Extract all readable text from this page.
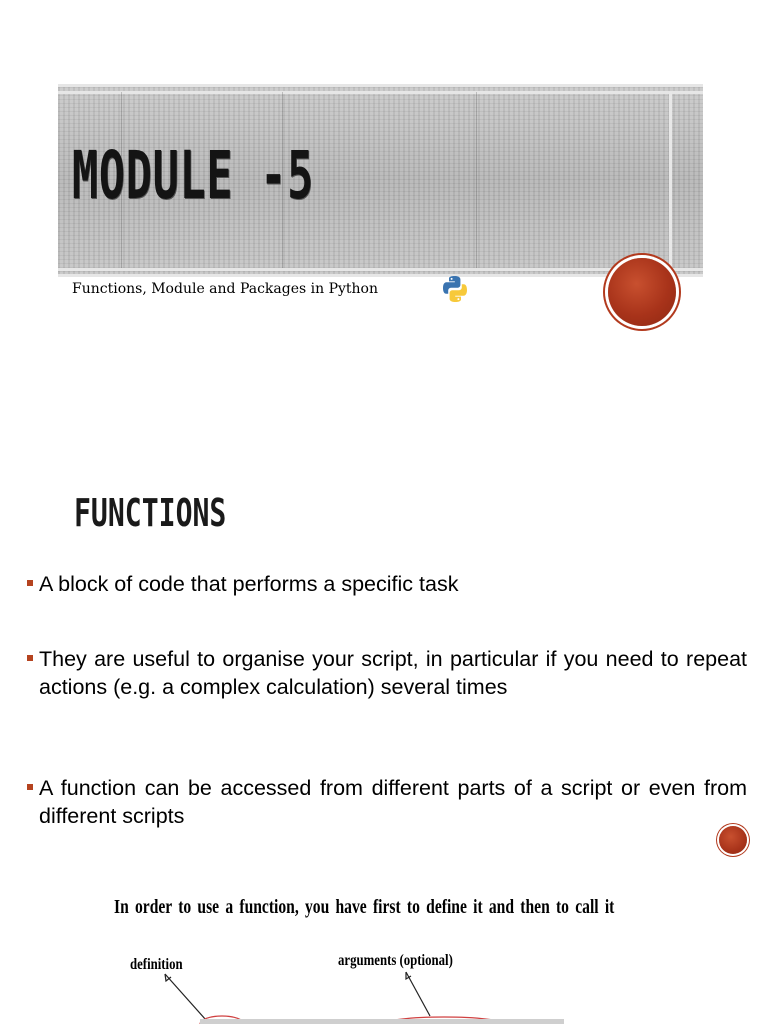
MODULE -5
Functions, Module and Packages in Python
FUNCTIONS
A block of code that performs a specific task
They are useful to organise your script, in particular if you need to repeat actions (e.g. a complex calculation) several times
A function can be accessed from different parts of a script or even from different scripts
In order to use a function, you have first to define it and then to call it
definition	arguments (optional)
